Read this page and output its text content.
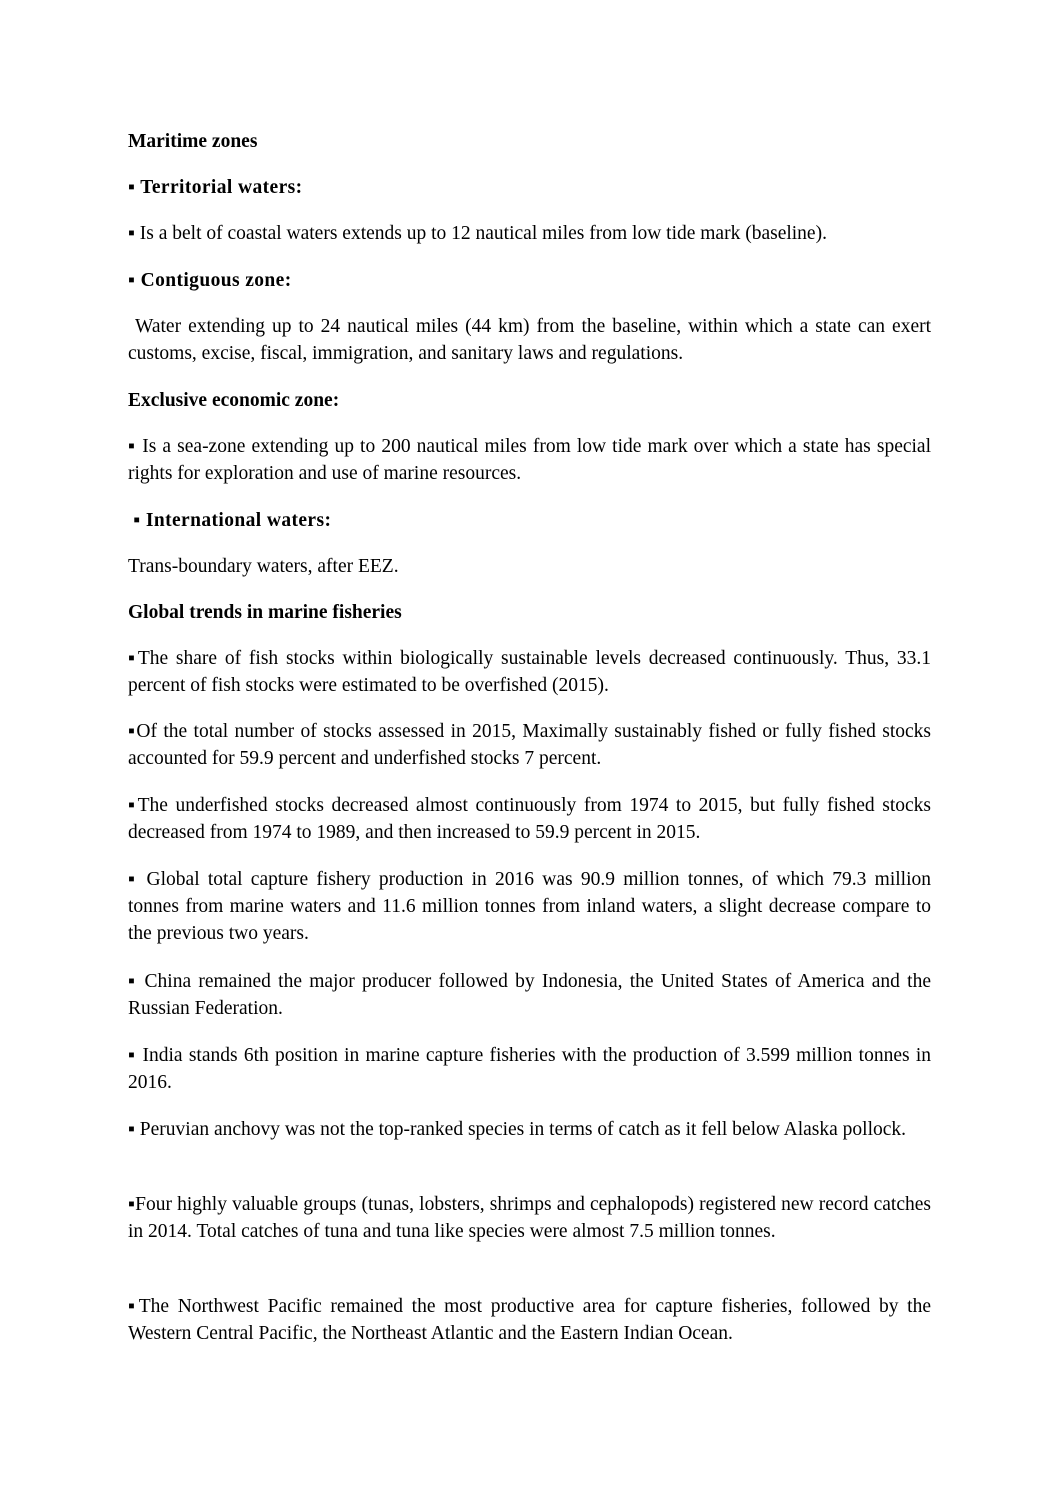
Maritime zones

▪ Territorial waters:

▪ Is a belt of coastal waters extends up to 12 nautical miles from low tide mark (baseline).

▪ Contiguous zone:

Water extending up to 24 nautical miles (44 km) from the baseline, within which a state can exert customs, excise, fiscal, immigration, and sanitary laws and regulations.

Exclusive economic zone:

▪ Is a sea-zone extending up to 200 nautical miles from low tide mark over which a state has special rights for exploration and use of marine resources.

▪ International waters:

Trans-boundary waters, after EEZ.

Global trends in marine fisheries

▪The share of fish stocks within biologically sustainable levels decreased continuously. Thus, 33.1 percent of fish stocks were estimated to be overfished (2015).

▪Of the total number of stocks assessed in 2015, Maximally sustainably fished or fully fished stocks accounted for 59.9 percent and underfished stocks 7 percent.

▪The underfished stocks decreased almost continuously from 1974 to 2015, but fully fished stocks decreased from 1974 to 1989, and then increased to 59.9 percent in 2015.

▪ Global total capture fishery production in 2016 was 90.9 million tonnes, of which 79.3 million tonnes from marine waters and 11.6 million tonnes from inland waters, a slight decrease compare to the previous two years.

▪ China remained the major producer followed by Indonesia, the United States of America and the Russian Federation.

▪ India stands 6th position in marine capture fisheries with the production of 3.599 million tonnes in 2016.

▪ Peruvian anchovy was not the top-ranked species in terms of catch as it fell below Alaska pollock.

▪Four highly valuable groups (tunas, lobsters, shrimps and cephalopods) registered new record catches in 2014. Total catches of tuna and tuna like species were almost 7.5 million tonnes.

▪The Northwest Pacific remained the most productive area for capture fisheries, followed by the Western Central Pacific, the Northeast Atlantic and the Eastern Indian Ocean.
